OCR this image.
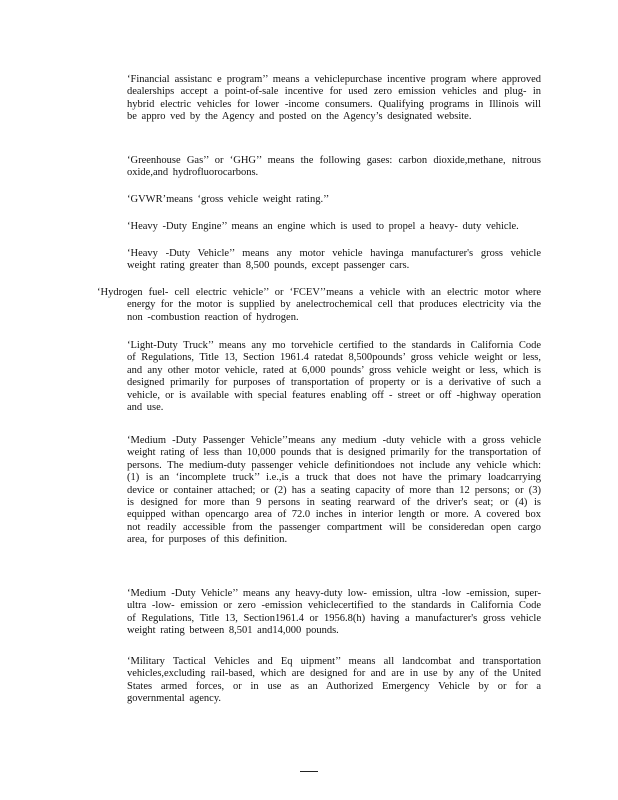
‘Financial assistanc e program’’ means a vehiclepurchase incentive program where approved dealerships accept a point-of-sale incentive for used zero emission vehicles and plug- in hybrid electric vehicles for lower -income consumers. Qualifying programs in Illinois will be appro ved by the Agency and posted on the Agency’s designated website.

‘Greenhouse Gas’’ or ‘GHG’’ means the following gases: carbon dioxide,methane, nitrous oxide,and hydrofluorocarbons.

‘GVWR’means ‘gross vehicle weight rating.’’

‘Heavy -Duty Engine’’ means an engine which is used to propel a heavy- duty vehicle.

‘Heavy -Duty Vehicle’’ means any motor vehicle havinga manufacturer's gross vehicle weight rating greater than 8,500 pounds, except passenger cars.

‘Hydrogen fuel- cell electric vehicle’’ or ‘FCEV’’means a vehicle with an electric motor where energy for the motor is supplied by anelectrochemical cell that produces electricity via the non -combustion reaction of hydrogen.

‘Light-Duty Truck’’ means any mo torvehicle certified to the standards in California Code of Regulations, Title 13, Section 1961.4 ratedat 8,500pounds’ gross vehicle weight or less, and any other motor vehicle, rated at 6,000 pounds’ gross vehicle weight or less, which is designed primarily for purposes of transportation of property or is a derivative of such a vehicle, or is available with special features enabling off - street or off -highway operation and use.

‘Medium -Duty Passenger Vehicle’’means any medium -duty vehicle with a gross vehicle weight rating of less than 10,000 pounds that is designed primarily for the transportation of persons. The medium-duty passenger vehicle definitiondoes not include any vehicle which: (1) is an ‘incomplete truck’’ i.e.,is a truck that does not have the primary loadcarrying device or container attached; or (2) has a seating capacity of more than 12 persons; or (3) is designed for more than 9 persons in seating rearward of the driver's seat; or (4) is equipped withan opencargo area of 72.0 inches in interior length or more. A covered box not readily accessible from the passenger compartment will be consideredan open cargo area, for purposes of this definition.

‘Medium -Duty Vehicle’’ means any heavy-duty low- emission, ultra -low -emission, super- ultra -low- emission or zero -emission vehiclecertified to the standards in California Code of Regulations, Title 13, Section1961.4 or 1956.8(h) having a manufacturer's gross vehicle weight rating between 8,501 and14,000 pounds.

‘Military Tactical Vehicles and Eq uipment’’ means all landcombat and transportation vehicles,excluding rail-based, which are designed for and are in use by any of the United States armed forces, or in use as an Authorized Emergency Vehicle by or for a governmental agency.
